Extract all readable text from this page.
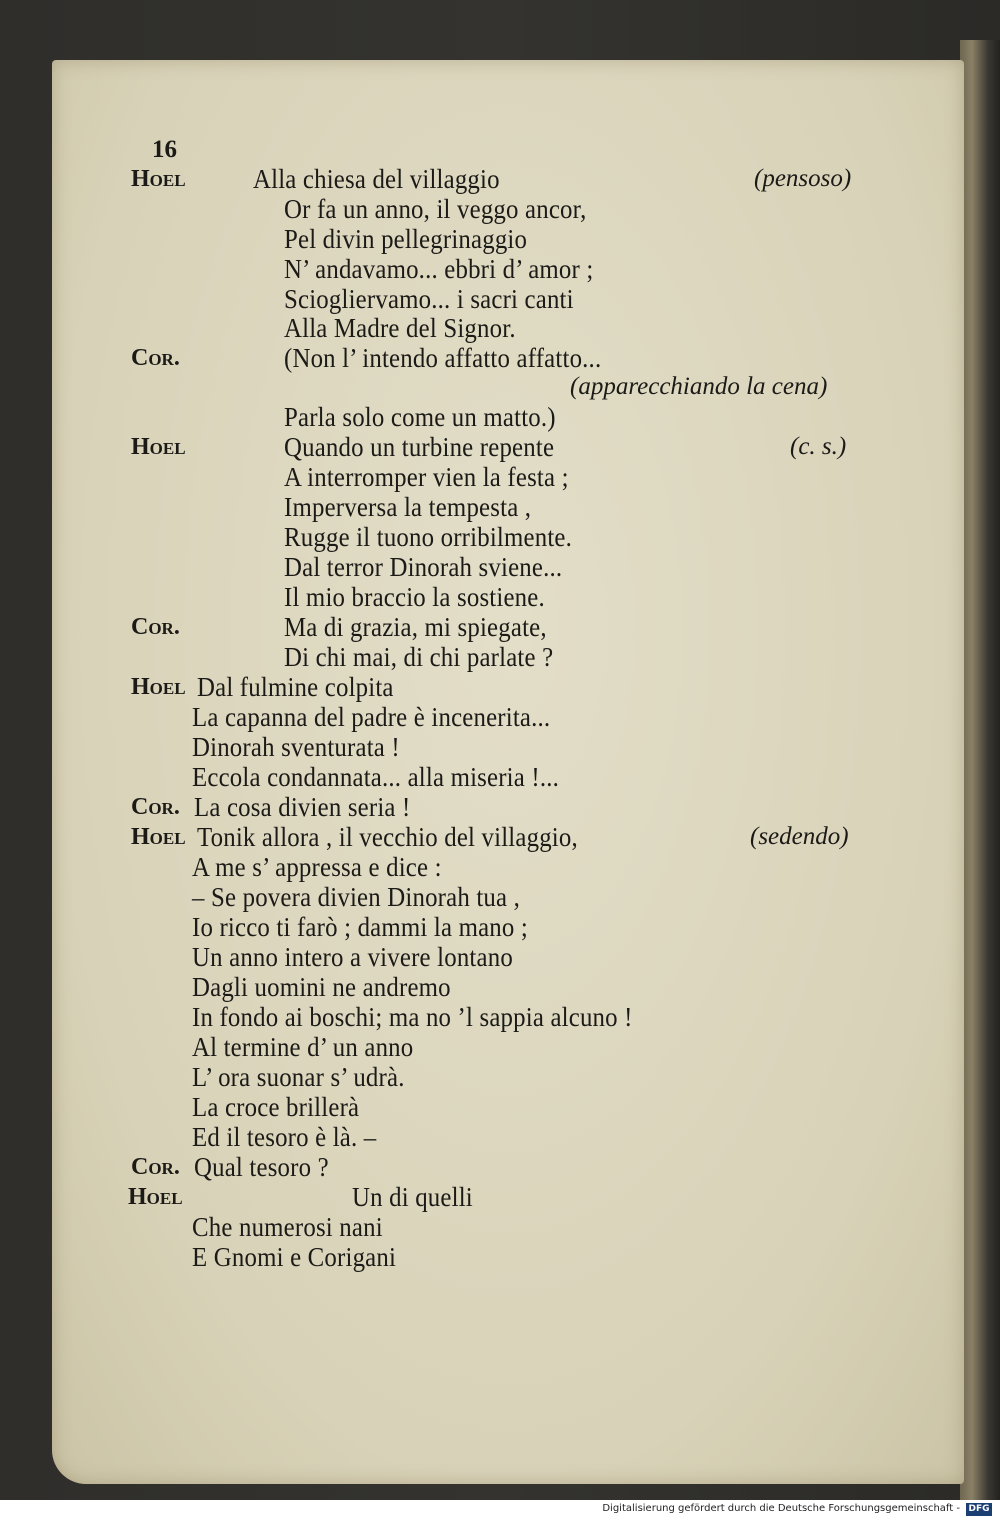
16
Hoel Alla chiesa del villaggio	(pensoso)
Or fa un anno, il veggo ancor,
Pel divin pellegrinaggio
N’ andavamo... ebbri d’ amor ;
Sciogliervamo... i sacri canti
Alla Madre del Signor.
Cor.	(Non l’ intendo affatto affatto...
(apparecchiando la cena)
Parla solo come un matto.)
Hoel	Quando un turbine repente	(c. s.)
A interromper vien la festa ;
Imperversa la tempesta ,
Rugge il tuono orribilmente.
Dal terror Dinorah sviene...
Il mio braccio la sostiene.
Cor.	Ma di grazia, mi spiegate,
Di chi mai, di chi parlate ?
Hoel Dal fulmine colpita
La capanna del padre è incenerita...
Dinorah sventurata !
Eccola condannata... alla miseria !...
Cor. La cosa divien seria !
Hoel Tonik allora , il vecchio del villaggio,	(sedendo)
A me s’ appressa e dice :
– Se povera divien Dinorah tua ,
Io ricco ti farò ; dammi la mano ;
Un anno intero a vivere lontano
Dagli uomini ne andremo
In fondo ai boschi; ma no ’l sappia alcuno !
Al termine d’ un anno
L’ ora suonar s’ udrà.
La croce brillerà
Ed il tesoro è là. –
Cor. Qual tesoro ?
Hoel	Un di quelli
Che numerosi nani
E Gnomi e Corigani
Digitalisierung gefördert durch die Deutsche Forschungsgemeinschaft - DFG
